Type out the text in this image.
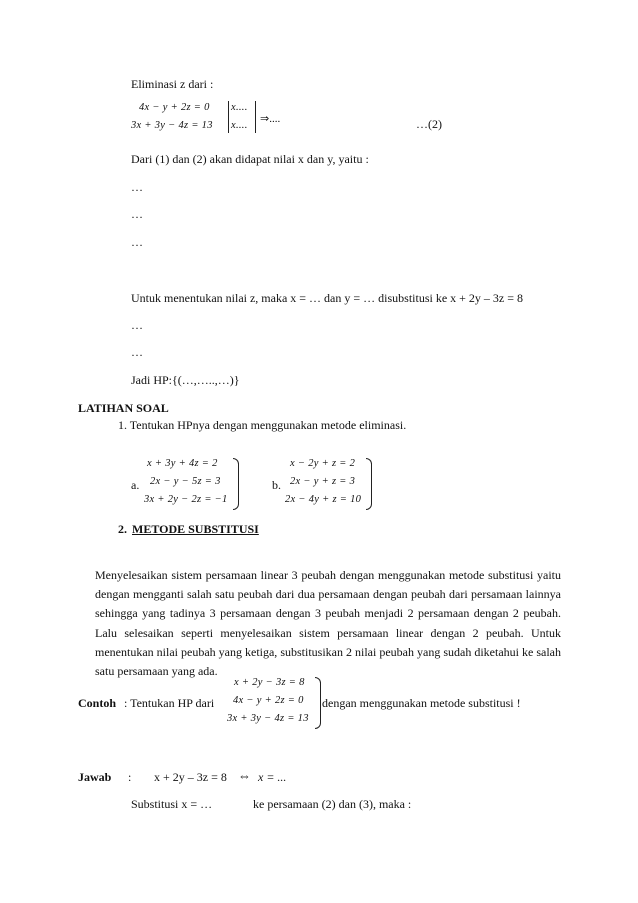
Eliminasi z dari :
4x − y + 2z = 0
3x + 3y − 4z = 13
x....
x....
⇒....	…(2)
Dari (1) dan (2) akan didapat nilai x dan y, yaitu :
…
…
…
Untuk menentukan nilai z, maka x = … dan y = … disubstitusi ke x + 2y – 3z = 8
…
…
Jadi HP:{(…,…..,…)}
LATIHAN SOAL
1. Tentukan HPnya dengan menggunakan metode eliminasi.
a.
x + 3y + 4z = 2
2x − y − 5z = 3
3x + 2y − 2z = −1
b.
x − 2y + z = 2
2x − y + z = 3
2x − 4y + z = 10
2. METODE SUBSTITUSI
Menyelesaikan sistem persamaan linear 3 peubah dengan menggunakan metode substitusi yaitu dengan mengganti salah satu peubah dari dua persamaan dengan peubah dari persamaan lainnya sehingga yang tadinya 3 persamaan dengan 3 peubah menjadi 2 persamaan dengan 2 peubah. Lalu selesaikan seperti menyelesaikan sistem persamaan linear dengan 2 peubah. Untuk menentukan nilai peubah yang ketiga, substitusikan 2 nilai peubah yang sudah diketahui ke salah satu persamaan yang ada.
Contoh : Tentukan HP dari
x + 2y − 3z = 8
4x − y + 2z = 0
3x + 3y − 4z = 13
dengan menggunakan metode substitusi !
Jawab : x + 2y – 3z = 8 ⇔ x = ...
Substitusi x = …	ke persamaan (2) dan (3), maka :
